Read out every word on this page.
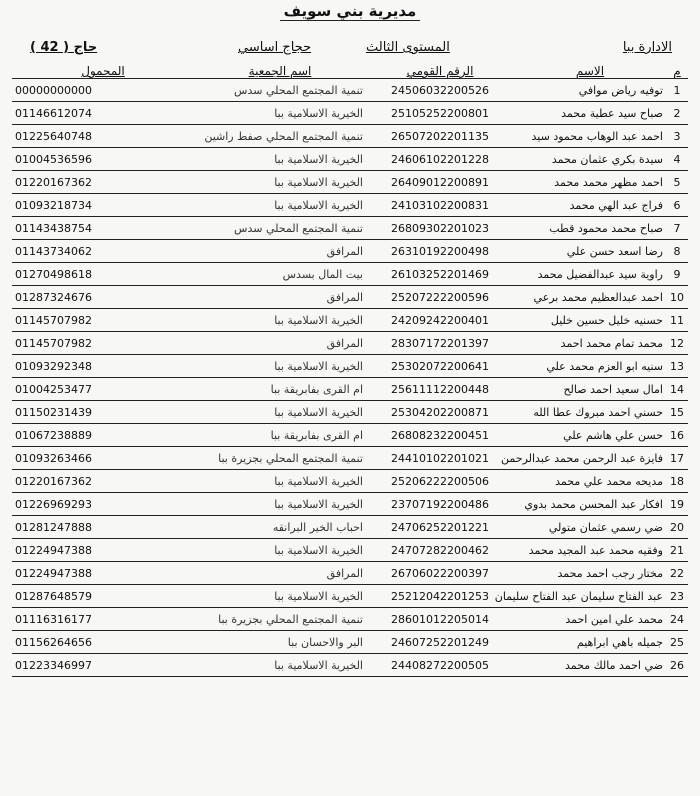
مديرية بني سويف
الادارة ببا
المستوى الثالث
حجاج اساسي
( 42 ) حاج
م	الاسم	الرقم القومي	اسم الجمعية	المحمول
1	توفيه رياض موافي	24506032200526	تنمية المجتمع المحلي سدس	00000000000
2	صباح سيد عطية محمد	25105252200801	الخيرية الاسلامية ببا	01146612074
3	احمد عبد الوهاب محمود سيد	26507202201135	تنمية المجتمع المحلي صفط راشين	01225640748
4	سيدة بكري عثمان محمد	24606102201228	الخيرية الاسلامية ببا	01004536596
5	احمد مظهر محمد محمد	26409012200891	الخيرية الاسلامية ببا	01220167362
6	فراج عبد الهي محمد	24103102200831	الخيرية الاسلامية ببا	01093218734
7	صباح محمد محمود قطب	26809302201023	تنمية المجتمع المحلي سدس	01143438754
8	رضا اسعد حسن علي	26310192200498	المرافق	01143734062
9	راوية سيد عبدالفضيل محمد	26103252201469	بيت المال بسدس	01270498618
10	احمد عبدالعظيم محمد برعي	25207222200596	المرافق	01287324676
11	حسنيه خليل حسين خليل	24209242200401	الخيرية الاسلامية ببا	01145707982
12	محمد تمام محمد احمد	28307172201397	المرافق	01145707982
13	سنيه ابو العزم محمد علي	25302072200641	الخيرية الاسلامية ببا	01093292348
14	امال سعيد احمد صالح	25611112200448	ام القرى بفابريقة ببا	01004253477
15	حسني احمد مبروك عطا الله	25304202200871	الخيرية الاسلامية ببا	01150231439
16	حسن علي هاشم علي	26808232200451	ام القرى بفابريقة ببا	01067238889
17	فايزة عبد الرحمن محمد عبدالرحمن	24410102201021	تنمية المجتمع المحلي بجزيرة ببا	01093263466
18	مديحه محمد علي محمد	25206222200506	الخيرية الاسلامية ببا	01220167362
19	افكار عبد المحسن محمد بدوي	23707192200486	الخيرية الاسلامية ببا	01226969293
20	ضي رسمي عثمان متولي	24706252201221	احباب الخير البرانقه	01281247888
21	وفقيه محمد عبد المجيد محمد	24707282200462	الخيرية الاسلامية ببا	01224947388
22	مختار رجب احمد محمد	26706022200397	المرافق	01224947388
23	عبد الفتاح سليمان عبد الفتاح سليمان	25212042201253	الخيرية الاسلامية ببا	01287648579
24	محمد علي امين احمد	28601012205014	تنمية المجتمع المحلي بجزيرة ببا	01116316177
25	جميله باهي ابراهيم	24607252201249	البر والاحسان ببا	01156264656
26	ضي احمد مالك محمد	24408272200505	الخيرية الاسلامية ببا	01223346997
